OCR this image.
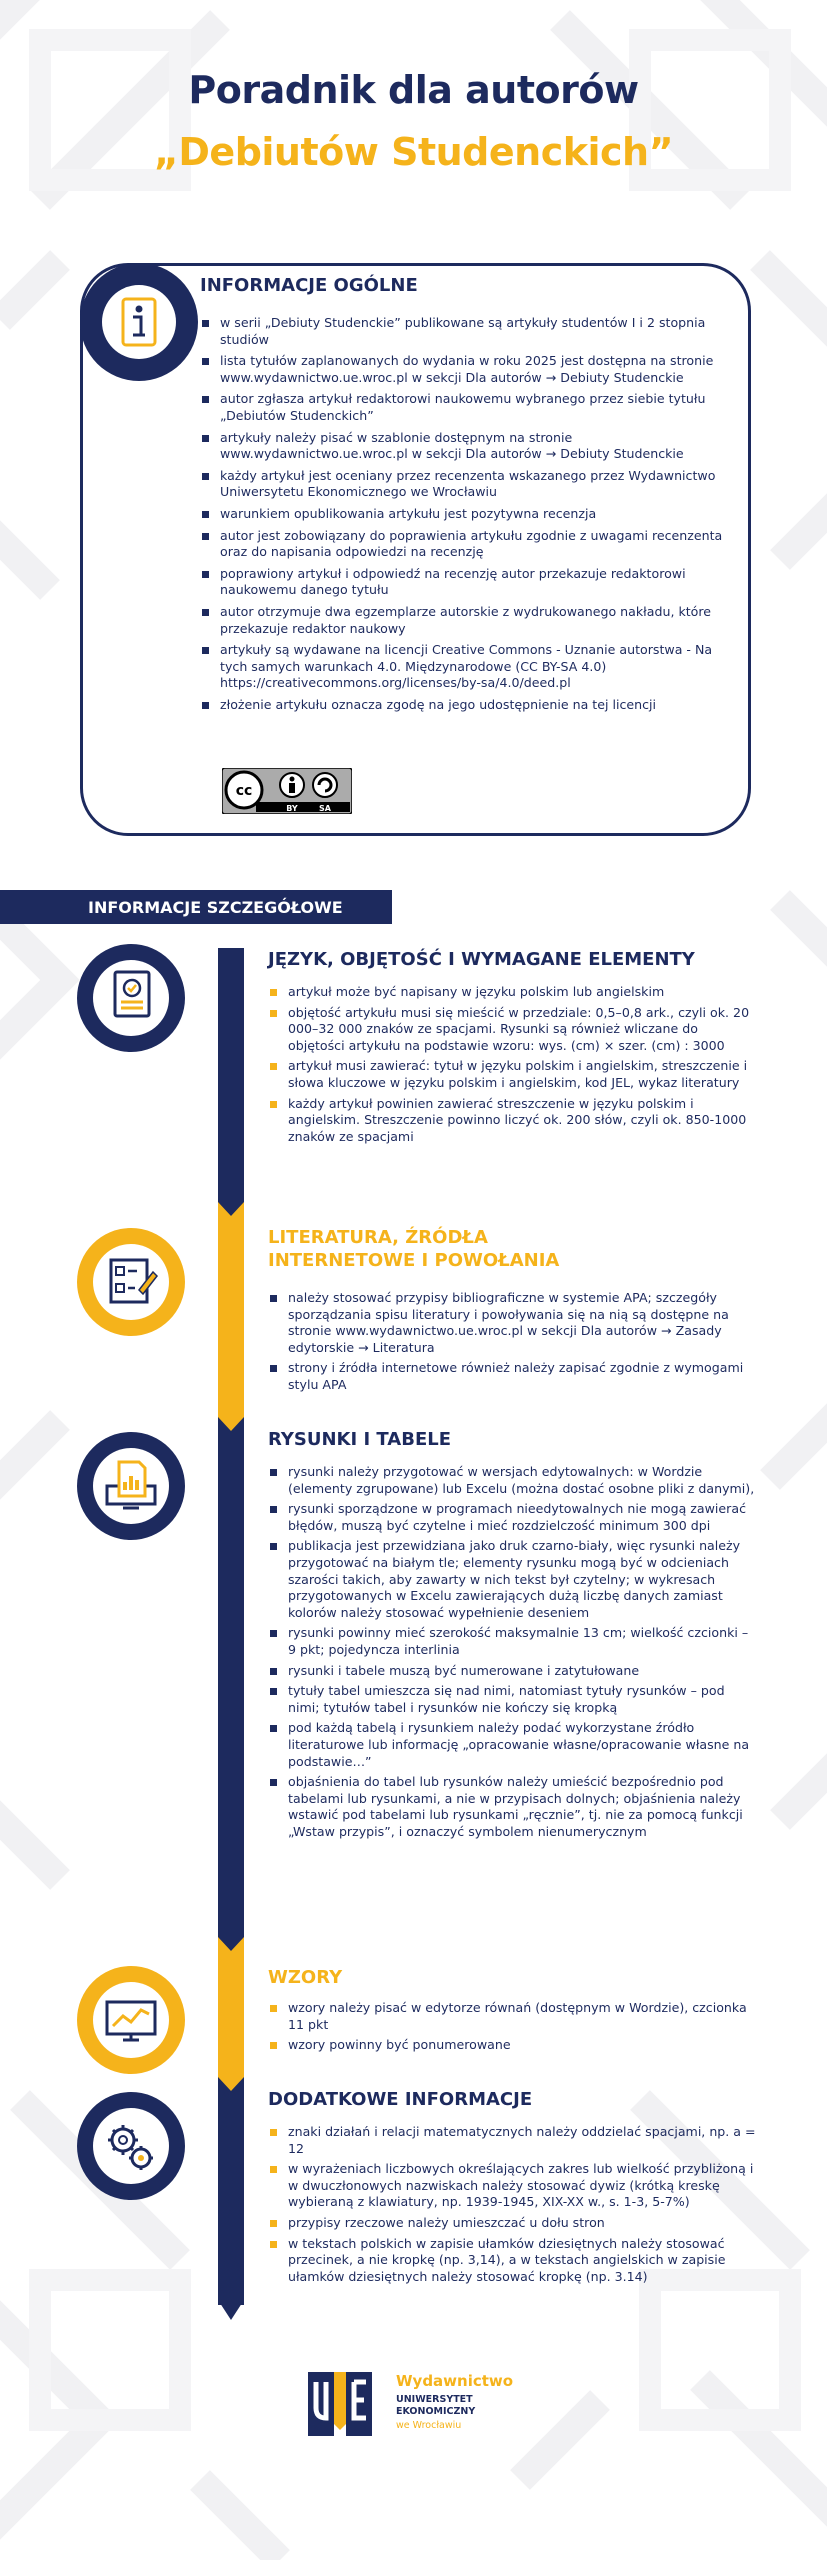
Poradnik dla autorów
„Debiutów Studenckich”
INFORMACJE OGÓLNE
w serii „Debiuty Studenckie” publikowane są artykuły studentów I i 2 stopnia studiów
lista tytułów zaplanowanych do wydania w roku 2025 jest dostępna na stronie www.wydawnictwo.ue.wroc.pl w sekcji Dla autorów → Debiuty Studenckie
autor zgłasza artykuł redaktorowi naukowemu wybranego przez siebie tytułu „Debiutów Studenckich”
artykuły należy pisać w szablonie dostępnym na stronie www.wydawnictwo.ue.wroc.pl w sekcji Dla autorów → Debiuty Studenckie
każdy artykuł jest oceniany przez recenzenta wskazanego przez Wydawnictwo Uniwersytetu Ekonomicznego we Wrocławiu
warunkiem opublikowania artykułu jest pozytywna recenzja
autor jest zobowiązany do poprawienia artykułu zgodnie z uwagami recenzenta oraz do napisania odpowiedzi na recenzję
poprawiony artykuł i odpowiedź na recenzję autor przekazuje redaktorowi naukowemu danego tytułu
autor otrzymuje dwa egzemplarze autorskie z wydrukowanego nakładu, które przekazuje redaktor naukowy
artykuły są wydawane na licencji Creative Commons - Uznanie autorstwa - Na tych samych warunkach 4.0. Międzynarodowe (CC BY-SA 4.0) https://creativecommons.org/licenses/by-sa/4.0/deed.pl
złożenie artykułu oznacza zgodę na jego udostępnienie na tej licencji
cc
BY	SA
INFORMACJE SZCZEGÓŁOWE
JĘZYK, OBJĘTOŚĆ I WYMAGANE ELEMENTY
artykuł może być napisany w języku polskim lub angielskim
objętość artykułu musi się mieścić w przedziale: 0,5–0,8 ark., czyli ok. 20 000–32 000 znaków ze spacjami. Rysunki są również wliczane do objętości artykułu na podstawie wzoru: wys. (cm) × szer. (cm) : 3000
artykuł musi zawierać: tytuł w języku polskim i angielskim, streszczenie i słowa kluczowe w języku polskim i angielskim, kod JEL, wykaz literatury
każdy artykuł powinien zawierać streszczenie w języku polskim i angielskim. Streszczenie powinno liczyć ok. 200 słów, czyli ok. 850-1000 znaków ze spacjami
LITERATURA, ŹRÓDŁA INTERNETOWE I POWOŁANIA
należy stosować przypisy bibliograficzne w systemie APA; szczegóły sporządzania spisu literatury i powoływania się na nią są dostępne na stronie www.wydawnictwo.ue.wroc.pl w sekcji Dla autorów → Zasady edytorskie → Literatura
strony i źródła internetowe również należy zapisać zgodnie z wymogami stylu APA
RYSUNKI I TABELE
rysunki należy przygotować w wersjach edytowalnych: w Wordzie (elementy zgrupowane) lub Excelu (można dostać osobne pliki z danymi),
rysunki sporządzone w programach nieedytowalnych nie mogą zawierać błędów, muszą być czytelne i mieć rozdzielczość minimum 300 dpi
publikacja jest przewidziana jako druk czarno-biały, więc rysunki należy przygotować na białym tle; elementy rysunku mogą być w odcieniach szarości takich, aby zawarty w nich tekst był czytelny; w wykresach przygotowanych w Excelu zawierających dużą liczbę danych zamiast kolorów należy stosować wypełnienie deseniem
rysunki powinny mieć szerokość maksymalnie 13 cm; wielkość czcionki – 9 pkt; pojedyncza interlinia
rysunki i tabele muszą być numerowane i zatytułowane
tytuły tabel umieszcza się nad nimi, natomiast tytuły rysunków – pod nimi; tytułów tabel i rysunków nie kończy się kropką
pod każdą tabelą i rysunkiem należy podać wykorzystane źródło literaturowe lub informację „opracowanie własne/opracowanie własne na podstawie…”
objaśnienia do tabel lub rysunków należy umieścić bezpośrednio pod tabelami lub rysunkami, a nie w przypisach dolnych; objaśnienia należy wstawić pod tabelami lub rysunkami „ręcznie”, tj. nie za pomocą funkcji „Wstaw przypis”, i oznaczyć symbolem nienumerycznym
WZORY
wzory należy pisać w edytorze równań (dostępnym w Wordzie), czcionka 11 pkt
wzory powinny być ponumerowane
DODATKOWE INFORMACJE
znaki działań i relacji matematycznych należy oddzielać spacjami, np. a = 12
w wyrażeniach liczbowych określających zakres lub wielkość przybliżoną i w dwuczłonowych nazwiskach należy stosować dywiz (krótką kreskę wybieraną z klawiatury, np. 1939-1945, XIX-XX w., s. 1-3, 5-7%)
przypisy rzeczowe należy umieszczać u dołu stron
w tekstach polskich w zapisie ułamków dziesiętnych należy stosować przecinek, a nie kropkę (np. 3,14), a w tekstach angielskich w zapisie ułamków dziesiętnych należy stosować kropkę (np. 3.14)
Wydawnictwo
UNIWERSYTET
EKONOMICZNY
we Wrocławiu
